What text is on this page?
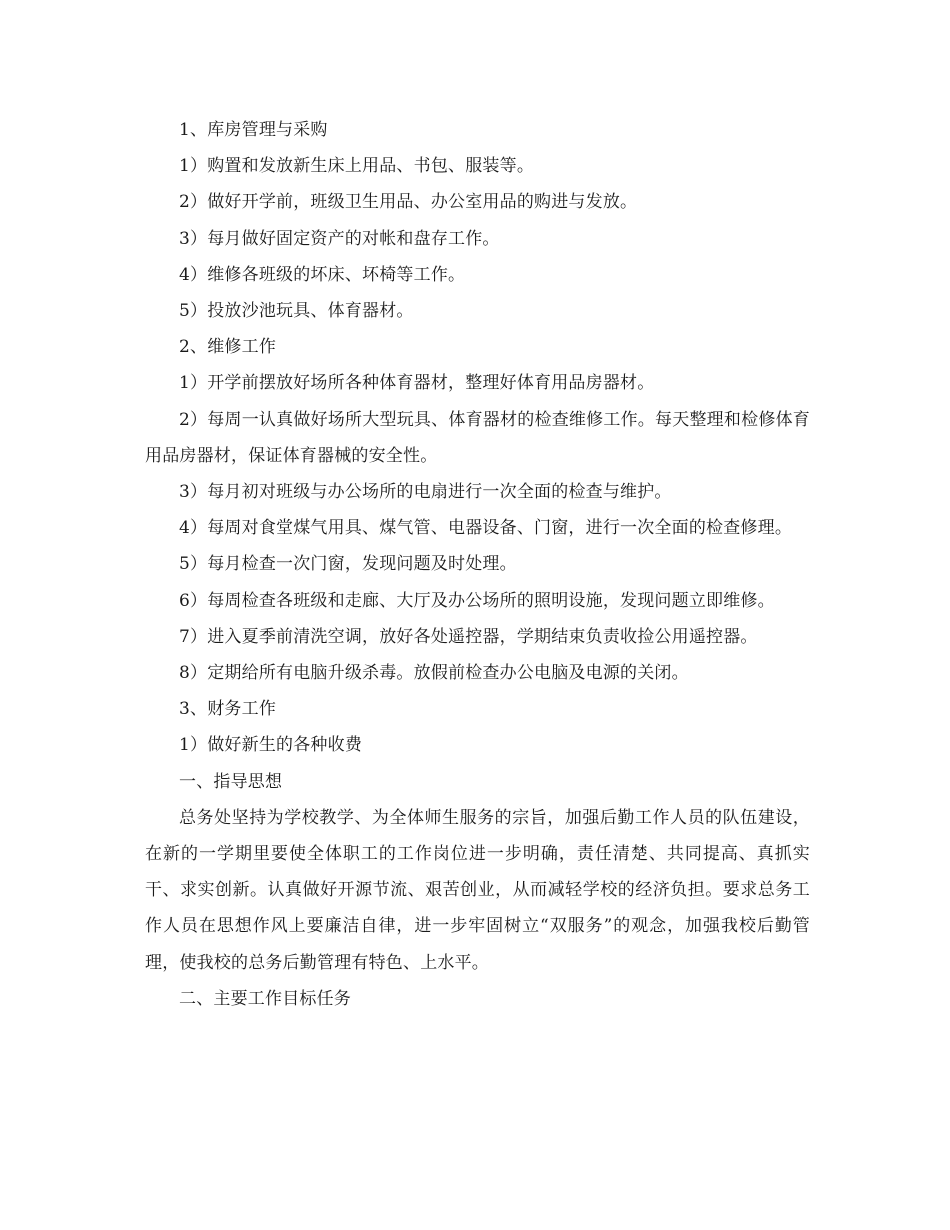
1、库房管理与采购

1）购置和发放新生床上用品、书包、服装等。

2）做好开学前，班级卫生用品、办公室用品的购进与发放。

3）每月做好固定资产的对帐和盘存工作。

4）维修各班级的坏床、坏椅等工作。

5）投放沙池玩具、体育器材。

2、维修工作

1）开学前摆放好场所各种体育器材，整理好体育用品房器材。

2）每周一认真做好场所大型玩具、体育器材的检查维修工作。每天整理和检修体育用品房器材，保证体育器械的安全性。

3）每月初对班级与办公场所的电扇进行一次全面的检查与维护。

4）每周对食堂煤气用具、煤气管、电器设备、门窗，进行一次全面的检查修理。

5）每月检查一次门窗，发现问题及时处理。

6）每周检查各班级和走廊、大厅及办公场所的照明设施，发现问题立即维修。

7）进入夏季前清洗空调，放好各处遥控器，学期结束负责收捡公用遥控器。

8）定期给所有电脑升级杀毒。放假前检查办公电脑及电源的关闭。

3、财务工作

1）做好新生的各种收费

一、指导思想

总务处坚持为学校教学、为全体师生服务的宗旨，加强后勤工作人员的队伍建设，在新的一学期里要使全体职工的工作岗位进一步明确，责任清楚、共同提高、真抓实干、求实创新。认真做好开源节流、艰苦创业，从而减轻学校的经济负担。要求总务工作人员在思想作风上要廉洁自律，进一步牢固树立“双服务”的观念，加强我校后勤管理，使我校的总务后勤管理有特色、上水平。

二、主要工作目标任务
